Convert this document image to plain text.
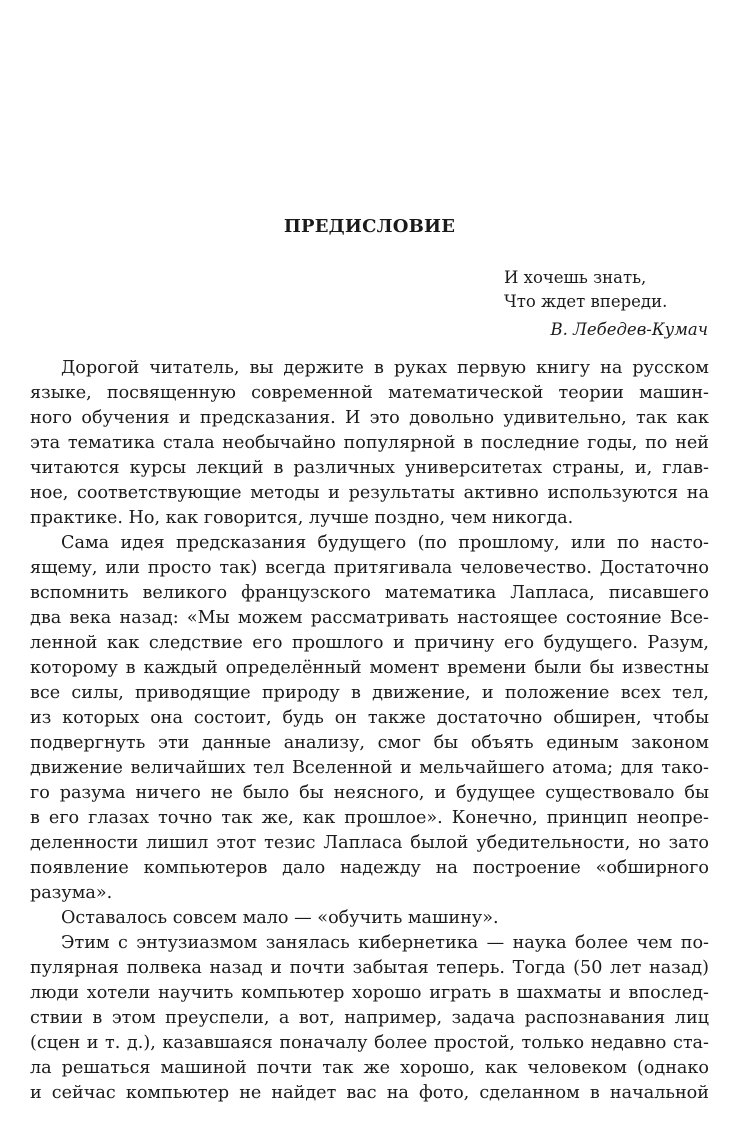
ПРЕДИСЛОВИЕ
И хочешь знать,
Что ждет впереди.
В. Лебедев-Кумач
Дорогой читатель, вы держите в руках первую книгу на русском
языке, посвященную современной математической теории машин-
ного обучения и предсказания. И это довольно удивительно, так как
эта тематика стала необычайно популярной в последние годы, по ней
читаются курсы лекций в различных университетах страны, и, глав-
ное, соответствующие методы и результаты активно используются на
практике. Но, как говорится, лучше поздно, чем никогда.
Сама идея предсказания будущего (по прошлому, или по насто-
ящему, или просто так) всегда притягивала человечество. Достаточно
вспомнить великого французского математика Лапласа, писавшего
два века назад: «Мы можем рассматривать настоящее состояние Все-
ленной как следствие его прошлого и причину его будущего. Разум,
которому в каждый определённый момент времени были бы известны
все силы, приводящие природу в движение, и положение всех тел,
из которых она состоит, будь он также достаточно обширен, чтобы
подвергнуть эти данные анализу, смог бы объять единым законом
движение величайших тел Вселенной и мельчайшего атома; для тако-
го разума ничего не было бы неясного, и будущее существовало бы
в его глазах точно так же, как прошлое». Конечно, принцип неопре-
деленности лишил этот тезис Лапласа былой убедительности, но зато
появление компьютеров дало надежду на построение «обширного
разума».
Оставалось совсем мало — «обучить машину».
Этим с энтузиазмом занялась кибернетика — наука более чем по-
пулярная полвека назад и почти забытая теперь. Тогда (50 лет назад)
люди хотели научить компьютер хорошо играть в шахматы и впослед-
ствии в этом преуспели, а вот, например, задача распознавания лиц
(сцен и т. д.), казавшаяся поначалу более простой, только недавно ста-
ла решаться машиной почти так же хорошо, как человеком (однако
и сейчас компьютер не найдет вас на фото, сделанном в начальной
